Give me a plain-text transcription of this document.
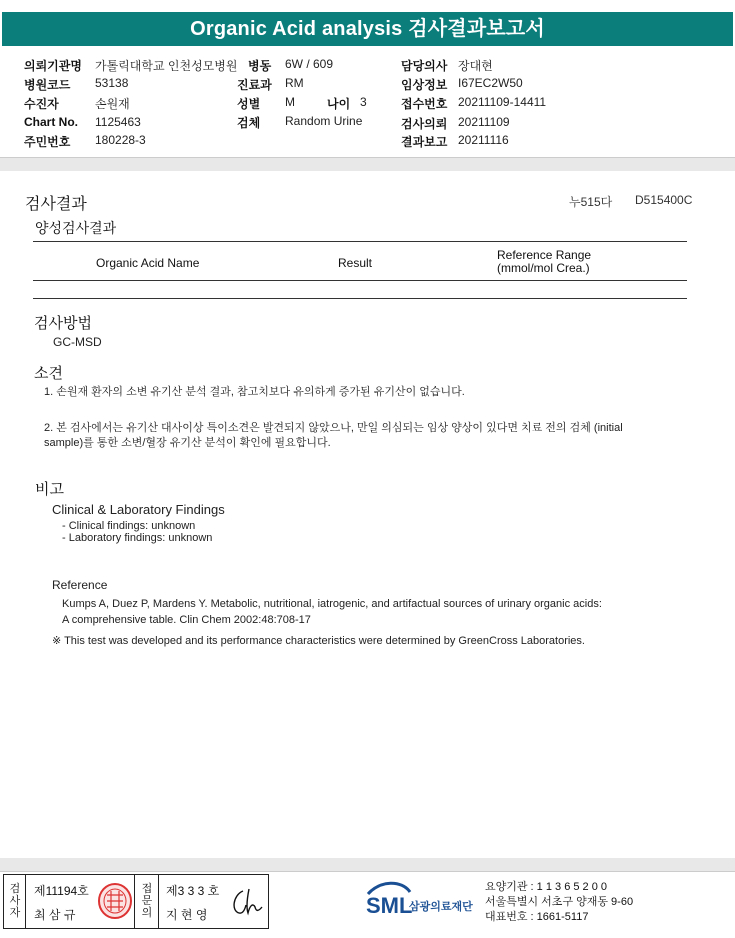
Organic Acid analysis 검사결과보고서
의뢰기관명 가톨릭대학교 인천성모병원
병원코드 53138
수진자	손원재
Chart No. 1125463
주민번호 180228-3
병동 6W / 609
진료과 RM
성별 M	나이 3
검체 Random Urine
담당의사 장대현
임상정보 I67EC2W50
접수번호 20211109-14411
검사의뢰 20211109
결과보고 20211116
검사결과	누515다 D515400C
양성검사결과
Organic Acid Name	Result
Reference Range
(mmol/mol Crea.)
검사방법
GC-MSD
소견
1. 손원재 환자의 소변 유기산 분석 결과, 참고치보다 유의하게 증가된 유기산이 없습니다.
2. 본 검사에서는 유기산 대사이상 특이소견은 발견되지 않았으나, 만일 의심되는 임상 양상이 있다면 치료 전의 검체 (initial
sample)를 통한 소변/혈장 유기산 분석이 확인에 필요합니다.
비고
Clinical & Laboratory Findings
- Clinical findings: unknown
- Laboratory findings: unknown
Reference
Kumps A, Duez P, Mardens Y. Metabolic, nutritional, iatrogenic, and artifactual sources of urinary organic acids:
A comprehensive table. Clin Chem 2002:48:708-17
※ This test was developed and its performance characteristics were determined by GreenCross Laboratories.
검
사
자
제11194호
최 삼 규
접
문
의
제3 3 3 호
지 현 영	SML
삼광의료재단
요양기관 : 1 1 3 6 5 2 0 0
서울특별시 서초구 양재동 9-60
대표번호 : 1661-5117
